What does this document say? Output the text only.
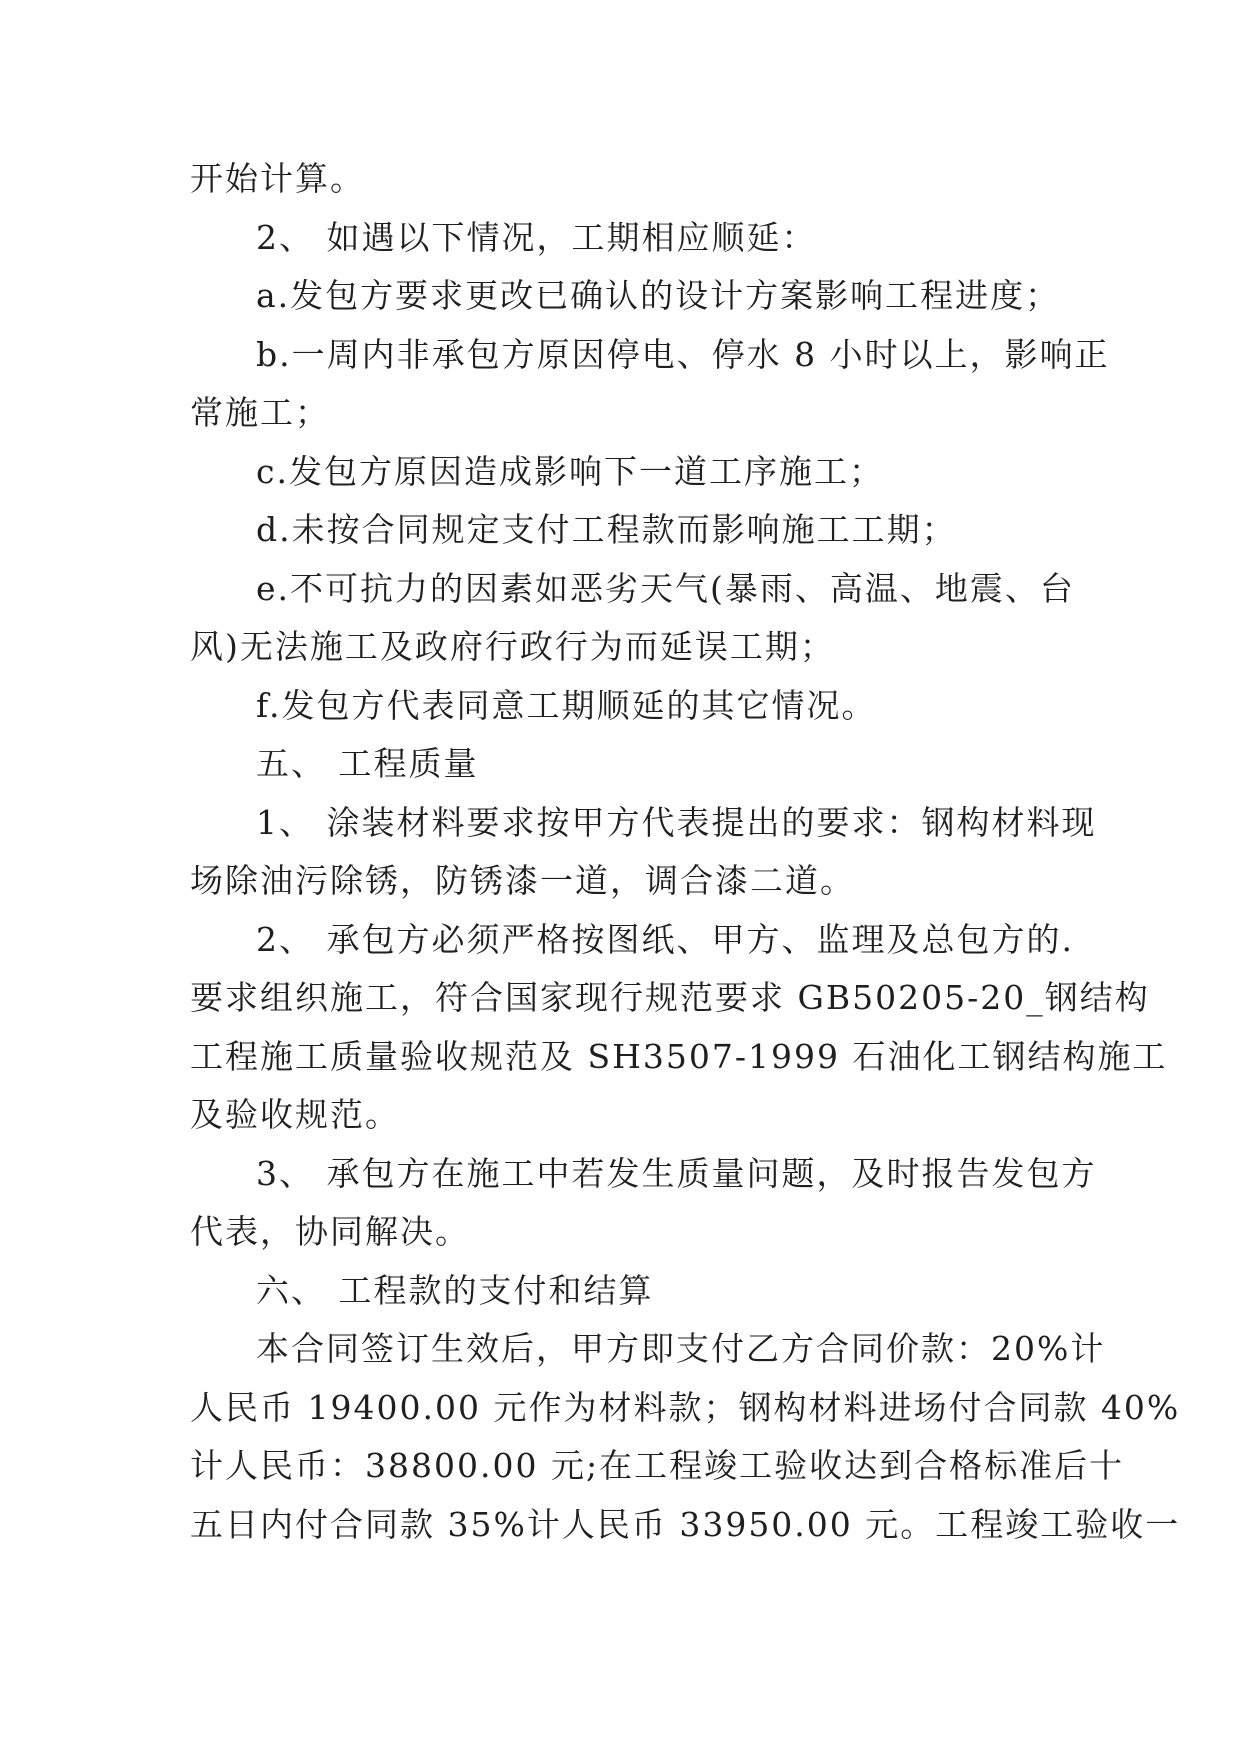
开始计算。
2、 如遇以下情况，工期相应顺延：
a.发包方要求更改已确认的设计方案影响工程进度；
b.一周内非承包方原因停电、停水 8 小时以上，影响正
常施工；
c.发包方原因造成影响下一道工序施工；
d.未按合同规定支付工程款而影响施工工期；
e.不可抗力的因素如恶劣天气(暴雨、高温、地震、台
风)无法施工及政府行政行为而延误工期；
f.发包方代表同意工期顺延的其它情况。
五、 工程质量
1、 涂装材料要求按甲方代表提出的要求：钢构材料现
场除油污除锈，防锈漆一道，调合漆二道。
2、 承包方必须严格按图纸、甲方、监理及总包方的.
要求组织施工，符合国家现行规范要求 GB50205-20_钢结构
工程施工质量验收规范及 SH3507-1999 石油化工钢结构施工
及验收规范。
3、 承包方在施工中若发生质量问题，及时报告发包方
代表，协同解决。
六、 工程款的支付和结算
本合同签订生效后，甲方即支付乙方合同价款：20%计
人民币 19400.00 元作为材料款；钢构材料进场付合同款 40%
计人民币：38800.00 元;在工程竣工验收达到合格标准后十
五日内付合同款 35%计人民币 33950.00 元。工程竣工验收一
